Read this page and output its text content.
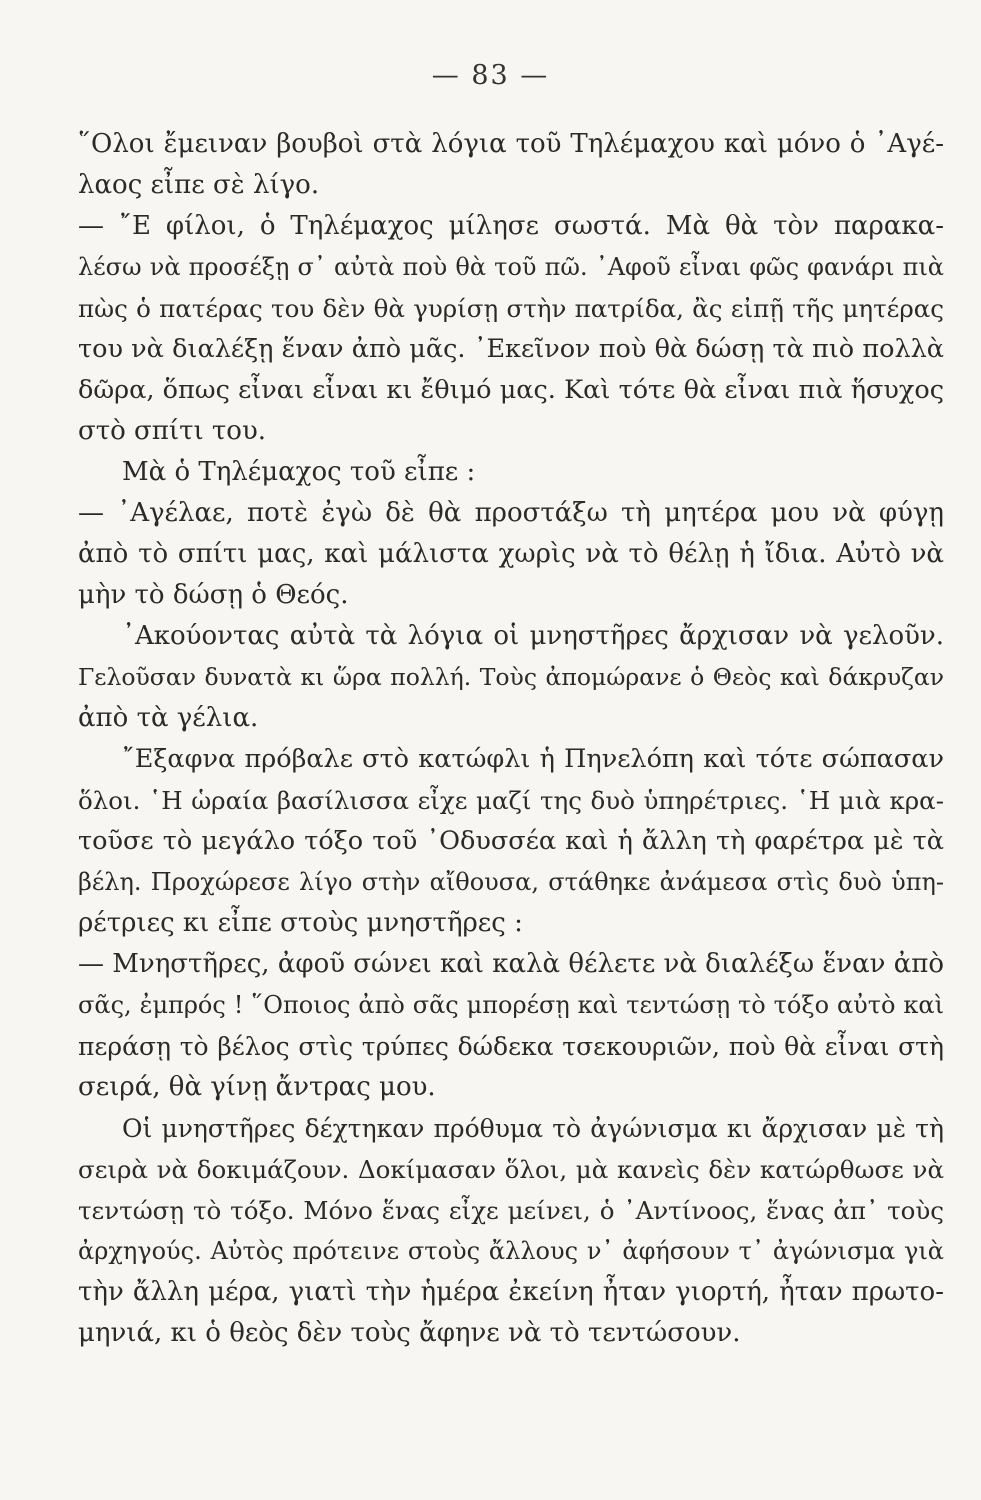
— 83 —
῞Ολοι ἔμειναν βουβοὶ στὰ λόγια τοῦ Τηλέμαχου καὶ μόνο ὁ ᾿Αγέ-
λαος εἶπε σὲ λίγο.
— ῎Ε φίλοι, ὁ Τηλέμαχος μίλησε σωστά. Μὰ θὰ τὸν παρακα-
λέσω νὰ προσέξῃ σ᾿ αὐτὰ ποὺ θὰ τοῦ πῶ. ᾿Αφοῦ εἶναι φῶς φανάρι πιὰ
πὼς ὁ πατέρας του δὲν θὰ γυρίσῃ στὴν πατρίδα, ἂς εἰπῇ τῆς μητέρας
του νὰ διαλέξῃ ἕναν ἀπὸ μᾶς. ᾿Εκεῖνον ποὺ θὰ δώσῃ τὰ πιὸ πολλὰ
δῶρα, ὅπως εἶναι εἶναι κι ἔθιμό μας. Καὶ τότε θὰ εἶναι πιὰ ἥσυχος
στὸ σπίτι του.
Μὰ ὁ Τηλέμαχος τοῦ εἶπε :
— ᾿Αγέλαε, ποτὲ ἐγὼ δὲ θὰ προστάξω τὴ μητέρα μου νὰ φύγῃ
ἀπὸ τὸ σπίτι μας, καὶ μάλιστα χωρὶς νὰ τὸ θέλῃ ἡ ἴδια. Αὐτὸ νὰ
μὴν τὸ δώσῃ ὁ Θεός.
᾿Ακούοντας αὐτὰ τὰ λόγια οἱ μνηστῆρες ἄρχισαν νὰ γελοῦν.
Γελοῦσαν δυνατὰ κι ὥρα πολλή. Τοὺς ἀπομώρανε ὁ Θεὸς καὶ δάκρυζαν
ἀπὸ τὰ γέλια.
῎Εξαφνα πρόβαλε στὸ κατώφλι ἡ Πηνελόπη καὶ τότε σώπασαν
ὅλοι. ῾Η ὡραία βασίλισσα εἶχε μαζί της δυὸ ὑπηρέτριες. ῾Η μιὰ κρα-
τοῦσε τὸ μεγάλο τόξο τοῦ ᾿Οδυσσέα καὶ ἡ ἄλλη τὴ φαρέτρα μὲ τὰ
βέλη. Προχώρεσε λίγο στὴν αἴθουσα, στάθηκε ἀνάμεσα στὶς δυὸ ὑπη-
ρέτριες κι εἶπε στοὺς μνηστῆρες :
— Μνηστῆρες, ἀφοῦ σώνει καὶ καλὰ θέλετε νὰ διαλέξω ἕναν ἀπὸ
σᾶς, ἐμπρός ! ῞Οποιος ἀπὸ σᾶς μπορέσῃ καὶ τεντώσῃ τὸ τόξο αὐτὸ καὶ
περάσῃ τὸ βέλος στὶς τρύπες δώδεκα τσεκουριῶν, ποὺ θὰ εἶναι στὴ
σειρά, θὰ γίνῃ ἄντρας μου.
Οἱ μνηστῆρες δέχτηκαν πρόθυμα τὸ ἀγώνισμα κι ἄρχισαν μὲ τὴ
σειρὰ νὰ δοκιμάζουν. Δοκίμασαν ὅλοι, μὰ κανεὶς δὲν κατώρθωσε νὰ
τεντώσῃ τὸ τόξο. Μόνο ἕνας εἶχε μείνει, ὁ ᾿Αντίνοος, ἕνας ἀπ᾿ τοὺς
ἀρχηγούς. Αὐτὸς πρότεινε στοὺς ἄλλους ν᾿ ἀφήσουν τ᾿ ἀγώνισμα γιὰ
τὴν ἄλλη μέρα, γιατὶ τὴν ἡμέρα ἐκείνη ἦταν γιορτή, ἦταν πρωτο-
μηνιά, κι ὁ θεὸς δὲν τοὺς ἄφηνε νὰ τὸ τεντώσουν.
